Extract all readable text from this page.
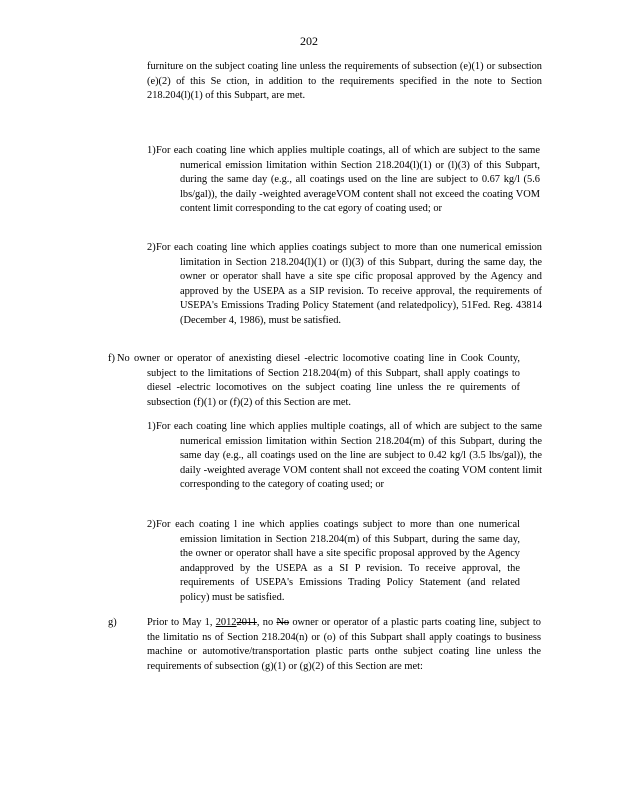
202
furniture on the subject coating line unless the requirements of subsection (e)(1) or subsection (e)(2) of this Se ction, in addition to the requirements specified in the note to Section 218.204(l)(1) of this Subpart, are met.
1) For each coating line which applies multiple coatings, all of which are subject to the same numerical emission limitation within Section 218.204(l)(1) or (l)(3) of this Subpart, during the same day (e.g., all coatings used on the line are subject to 0.67 kg/l (5.6 lbs/gal)), the daily -weighted averageVOM content shall not exceed the coating VOM content limit corresponding to the cat egory of coating used; or
2) For each coating line which applies coatings subject to more than one numerical emission limitation in Section 218.204(l)(1) or (l)(3) of this Subpart, during the same day, the owner or operator shall have a site spe cific proposal approved by the Agency and approved by the USEPA as a SIP revision. To receive approval, the requirements of USEPA's Emissions Trading Policy Statement (and relatedpolicy), 51Fed. Reg. 43814 (December 4, 1986), must be satisfied.
f) No owner or operator of anexisting diesel -electric locomotive coating line in Cook County, subject to the limitations of Section 218.204(m) of this Subpart, shall apply coatings to diesel -electric locomotives on the subject coating line unless the re quirements of subsection (f)(1) or (f)(2) of this Section are met.
1) For each coating line which applies multiple coatings, all of which are subject to the same numerical emission limitation within Section 218.204(m) of this Subpart, during the same day (e.g., all coatings used on the line are subject to 0.42 kg/l (3.5 lbs/gal)), the daily -weighted average VOM content shall not exceed the coating VOM content limit corresponding to the category of coating used; or
2) For each coating l ine which applies coatings subject to more than one numerical emission limitation in Section 218.204(m) of this Subpart, during the same day, the owner or operator shall have a site specific proposal approved by the Agency andapproved by the USEPA as a SI P revision. To receive approval, the requirements of USEPA's Emissions Trading Policy Statement (and related policy) must be satisfied.
g)	Prior to May 1, 20122011, no No owner or operator of a plastic parts coating line, subject to the limitatio ns of Section 218.204(n) or (o) of this Subpart shall apply coatings to business machine or automotive/transportation plastic parts onthe subject coating line unless the requirements of subsection (g)(1) or (g)(2) of this Section are met:
